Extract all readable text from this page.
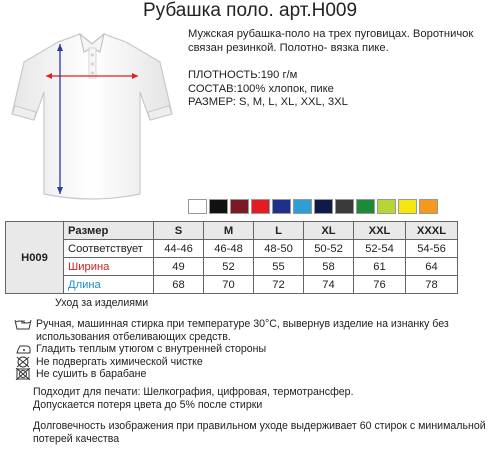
Рубашка поло. арт.Н009

Мужская рубашка-поло на трех пуговицах. Воротничок

связан резинкой. Полотно- вязка пике.

ПЛОТНОСТЬ:190 г/м

СОСТАВ:100% хлопок, пике

РАЗМЕР: S, M, L, XL, XXL, 3XL

Н009	Размер	S	M	L	XL	XXL	XXXL
	Соответствует	44-46	46-48	48-50	50-52	52-54	54-56
	Ширина	49	52	55	58	61	64
	Длина	68	70	72	74	76	78
Уход за изделиями
Ручная, машинная стирка при температуре 30°С, вывернув изделие на изнанку без использования отбеливающих средств.
Гладить теплым утюгом с внутренней стороны
Не подвергать химической чистке
Не сушить в барабане

Подходит для печати: Шелкография, цифровая, термотрансфер.

Допускается потеря цвета до 5% после стирки

Долговечность изображения при правильном уходе выдерживает 60 стирок с минимальной потерей качества
